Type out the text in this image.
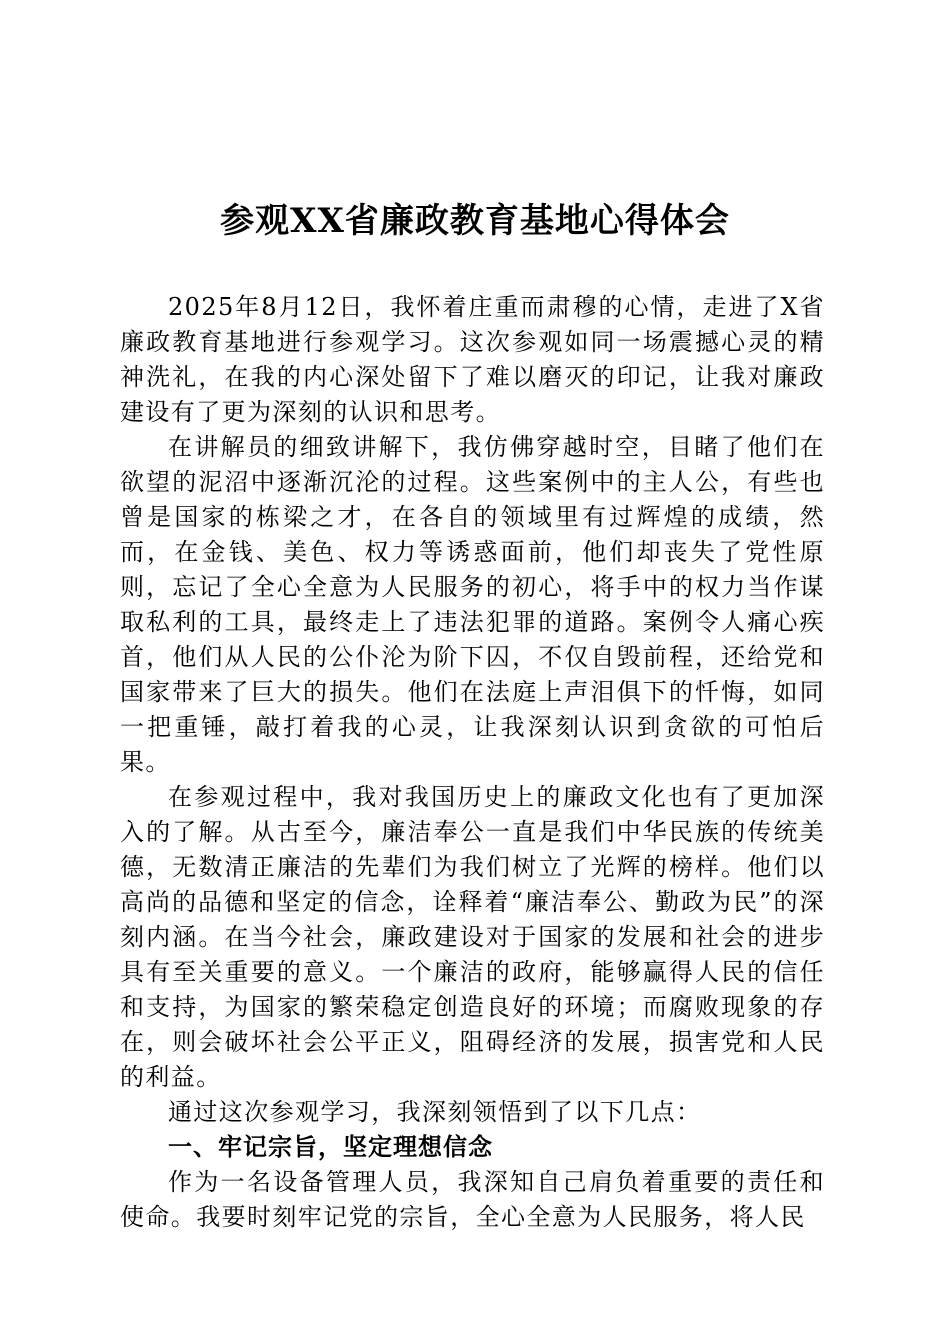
参观XX省廉政教育基地心得体会

2025年8月12日，我怀着庄重而肃穆的心情，走进了X省廉政教育基地进行参观学习。这次参观如同一场震撼心灵的精神洗礼，在我的内心深处留下了难以磨灭的印记，让我对廉政建设有了更为深刻的认识和思考。

在讲解员的细致讲解下，我仿佛穿越时空，目睹了他们在欲望的泥沼中逐渐沉沦的过程。这些案例中的主人公，有些也曾是国家的栋梁之才，在各自的领域里有过辉煌的成绩，然而，在金钱、美色、权力等诱惑面前，他们却丧失了党性原则，忘记了全心全意为人民服务的初心，将手中的权力当作谋取私利的工具，最终走上了违法犯罪的道路。案例令人痛心疾首，他们从人民的公仆沦为阶下囚，不仅自毁前程，还给党和国家带来了巨大的损失。他们在法庭上声泪俱下的忏悔，如同一把重锤，敲打着我的心灵，让我深刻认识到贪欲的可怕后果。

在参观过程中，我对我国历史上的廉政文化也有了更加深入的了解。从古至今，廉洁奉公一直是我们中华民族的传统美德，无数清正廉洁的先辈们为我们树立了光辉的榜样。他们以高尚的品德和坚定的信念，诠释着“廉洁奉公、勤政为民”的深刻内涵。在当今社会，廉政建设对于国家的发展和社会的进步具有至关重要的意义。一个廉洁的政府，能够赢得人民的信任和支持，为国家的繁荣稳定创造良好的环境；而腐败现象的存在，则会破坏社会公平正义，阻碍经济的发展，损害党和人民的利益。

通过这次参观学习，我深刻领悟到了以下几点：

一、牢记宗旨，坚定理想信念

作为一名设备管理人员，我深知自己肩负着重要的责任和使命。我要时刻牢记党的宗旨，全心全意为人民服务，将人民
